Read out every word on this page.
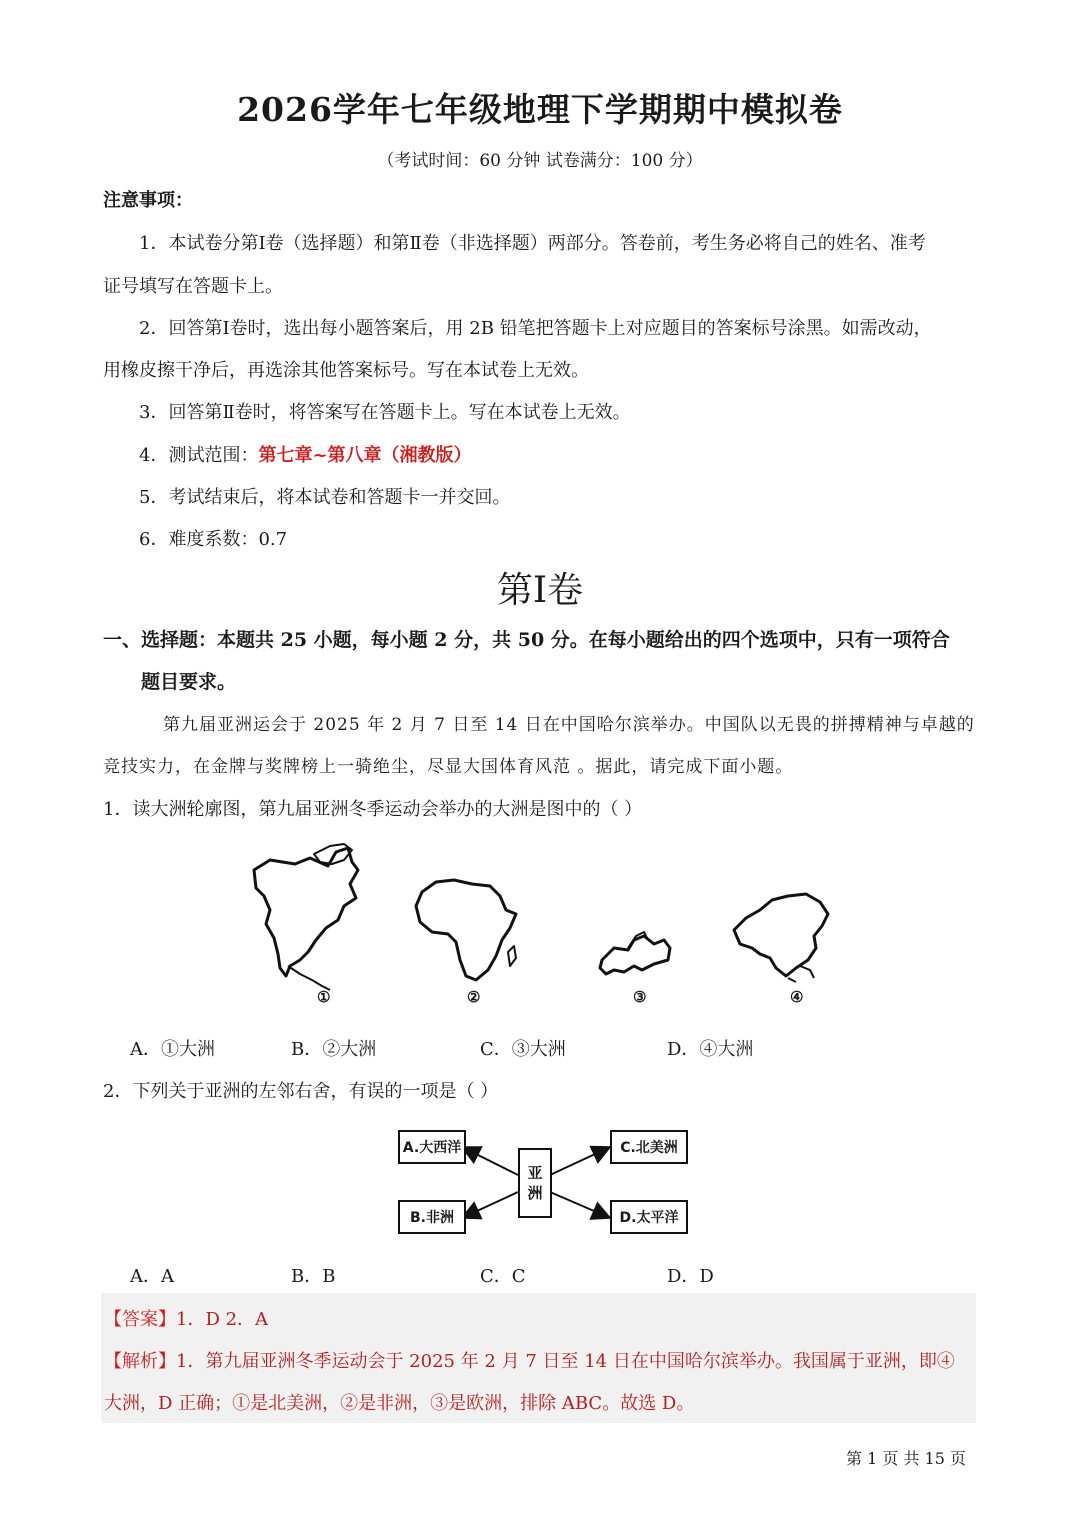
2026学年七年级地理下学期期中模拟卷
（考试时间：60 分钟 试卷满分：100 分）
注意事项：
1．本试卷分第Ⅰ卷（选择题）和第Ⅱ卷（非选择题）两部分。答卷前，考生务必将自己的姓名、准考
证号填写在答题卡上。
2．回答第Ⅰ卷时，选出每小题答案后，用 2B 铅笔把答题卡上对应题目的答案标号涂黑。如需改动，
用橡皮擦干净后，再选涂其他答案标号。写在本试卷上无效。
3．回答第Ⅱ卷时，将答案写在答题卡上。写在本试卷上无效。
4．测试范围：第七章~第八章（湘教版）
5．考试结束后，将本试卷和答题卡一并交回。
6．难度系数：0.7
第Ⅰ卷
一、选择题：本题共 25 小题，每小题 2 分，共 50 分。在每小题给出的四个选项中，只有一项符合
题目要求。
第九届亚洲运会于 2025 年 2 月 7 日至 14 日在中国哈尔滨举办。中国队以无畏的拼搏精神与卓越的
竞技实力，在金牌与奖牌榜上一骑绝尘，尽显大国体育风范 。据此，请完成下面小题。
1．读大洲轮廓图，第九届亚洲冬季运动会举办的大洲是图中的（ ）
①	②	③	④
A．①大洲	B．②大洲	C．③大洲	D．④大洲
2．下列关于亚洲的左邻右舍，有误的一项是（ ）
A.大西洋
B.非洲
C.北美洲
D.太平洋
亚
洲
A．A	B．B	C．C	D．D
【答案】1．D 2．A
【解析】1．第九届亚洲冬季运动会于 2025 年 2 月 7 日至 14 日在中国哈尔滨举办。我国属于亚洲，即④
大洲，D 正确；①是北美洲，②是非洲，③是欧洲，排除 ABC。故选 D。
第 1 页 共 15 页
